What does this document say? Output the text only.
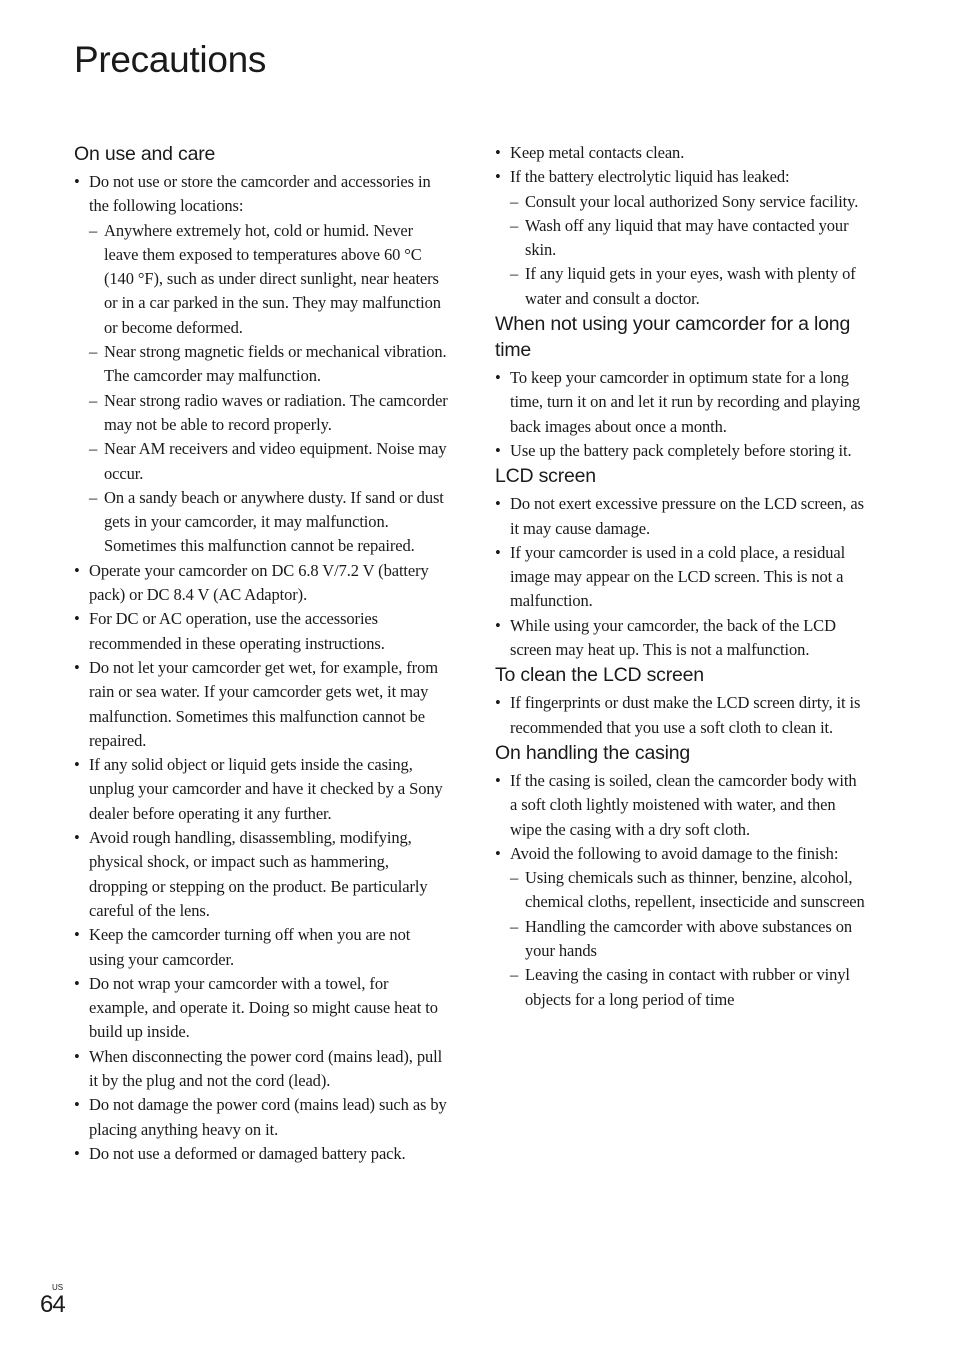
Precautions
On use and care
• Do not use or store the camcorder and accessories in the following locations:
– Anywhere extremely hot, cold or humid. Never leave them exposed to temperatures above 60 °C (140 °F), such as under direct sunlight, near heaters or in a car parked in the sun. They may malfunction or become deformed.
– Near strong magnetic fields or mechanical vibration. The camcorder may malfunction.
– Near strong radio waves or radiation. The camcorder may not be able to record properly.
– Near AM receivers and video equipment. Noise may occur.
– On a sandy beach or anywhere dusty. If sand or dust gets in your camcorder, it may malfunction. Sometimes this malfunction cannot be repaired.
• Operate your camcorder on DC 6.8 V/7.2 V (battery pack) or DC 8.4 V (AC Adaptor).
• For DC or AC operation, use the accessories recommended in these operating instructions.
• Do not let your camcorder get wet, for example, from rain or sea water. If your camcorder gets wet, it may malfunction. Sometimes this malfunction cannot be repaired.
• If any solid object or liquid gets inside the casing, unplug your camcorder and have it checked by a Sony dealer before operating it any further.
• Avoid rough handling, disassembling, modifying, physical shock, or impact such as hammering, dropping or stepping on the product. Be particularly careful of the lens.
• Keep the camcorder turning off when you are not using your camcorder.
• Do not wrap your camcorder with a towel, for example, and operate it. Doing so might cause heat to build up inside.
• When disconnecting the power cord (mains lead), pull it by the plug and not the cord (lead).
• Do not damage the power cord (mains lead) such as by placing anything heavy on it.
• Do not use a deformed or damaged battery pack.
• Keep metal contacts clean.
• If the battery electrolytic liquid has leaked:
– Consult your local authorized Sony service facility.
– Wash off any liquid that may have contacted your skin.
– If any liquid gets in your eyes, wash with plenty of water and consult a doctor.
When not using your camcorder for a long time
• To keep your camcorder in optimum state for a long time, turn it on and let it run by recording and playing back images about once a month.
• Use up the battery pack completely before storing it.
LCD screen
• Do not exert excessive pressure on the LCD screen, as it may cause damage.
• If your camcorder is used in a cold place, a residual image may appear on the LCD screen. This is not a malfunction.
• While using your camcorder, the back of the LCD screen may heat up. This is not a malfunction.
To clean the LCD screen
• If fingerprints or dust make the LCD screen dirty, it is recommended that you use a soft cloth to clean it.
On handling the casing
• If the casing is soiled, clean the camcorder body with a soft cloth lightly moistened with water, and then wipe the casing with a dry soft cloth.
• Avoid the following to avoid damage to the finish:
– Using chemicals such as thinner, benzine, alcohol, chemical cloths, repellent, insecticide and sunscreen
– Handling the camcorder with above substances on your hands
– Leaving the casing in contact with rubber or vinyl objects for a long period of time
US
64
